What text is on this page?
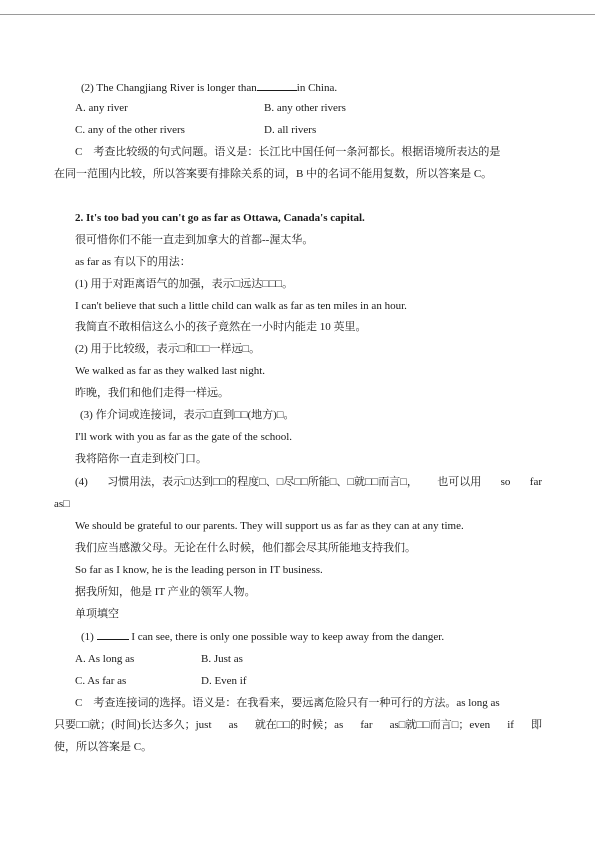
(2) The Changjiang River is longer than	in China.
A. any river	B. any other rivers
C. any of the other rivers	D. all rivers
C　考查比较级的句式问题。语义是：长江比中国任何一条河都长。根据语境所表达的是
在同一范围内比较，所以答案要有排除关系的词，B 中的名词不能用复数，所以答案是 C。
2. It's too bad you can't go as far as Ottawa, Canada's capital.
很可惜你们不能一直走到加拿大的首都--渥太华。
as far as 有以下的用法：
(1) 用于对距离语气的加强，表示□远达□□□。
I can't believe that such a little child can walk as far as ten miles in an hour.
我简直不敢相信这么小的孩子竟然在一小时内能走 10 英里。
(2) 用于比较级，表示□和□□一样远□。
We walked as far as they walked last night.
昨晚，我们和他们走得一样远。
(3) 作介词或连接词，表示□直到□□(地方)□。
I'll work with you as far as the gate of the school.
我将陪你一直走到校门口。
(4) 习惯用法，表示□达到□□的程度□、□尽□□所能□、□就□□而言□， 也可以用 so far
as□
We should be grateful to our parents. They will support us as far as they can at any time.
我们应当感激父母。无论在什么时候，他们都会尽其所能地支持我们。
So far as I know, he is the leading person in IT business.
据我所知，他是 IT 产业的领军人物。
单项填空
(1)	I can see, there is only one possible way to keep away from the danger.
A. As long as	B. Just as
C. As far as	D. Even if
C　考查连接词的选择。语义是：在我看来，要远离危险只有一种可行的方法。as long as
只要□□就；(时间)长达多久；just as 就在□□的时候；as far as□就□□而言□；even if 即
使，所以答案是 C。
